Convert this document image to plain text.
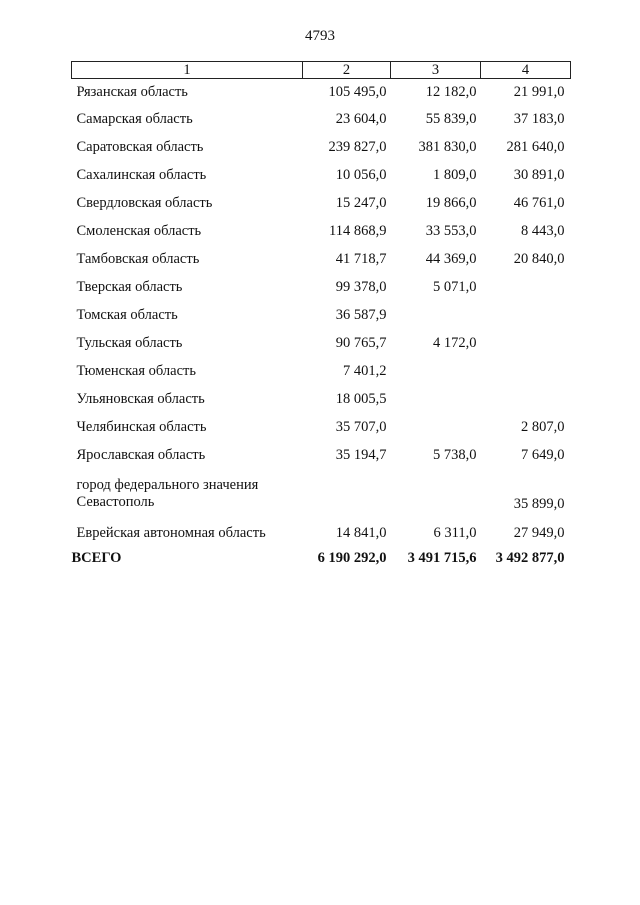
4793
1	2	3	4
Рязанская область	105 495,0	12 182,0	21 991,0
Самарская область	23 604,0	55 839,0	37 183,0
Саратовская область	239 827,0	381 830,0	281 640,0
Сахалинская область	10 056,0	1 809,0	30 891,0
Свердловская область	15 247,0	19 866,0	46 761,0
Смоленская область	114 868,9	33 553,0	8 443,0
Тамбовская область	41 718,7	44 369,0	20 840,0
Тверская область	99 378,0	5 071,0	
Томская область	36 587,9		
Тульская область	90 765,7	4 172,0	
Тюменская область	7 401,2		
Ульяновская область	18 005,5		
Челябинская область	35 707,0		2 807,0
Ярославская область	35 194,7	5 738,0	7 649,0
город федерального значения
Севастополь			35 899,0
Еврейская автономная область	14 841,0	6 311,0	27 949,0
ВСЕГО	6 190 292,0	3 491 715,6	3 492 877,0
